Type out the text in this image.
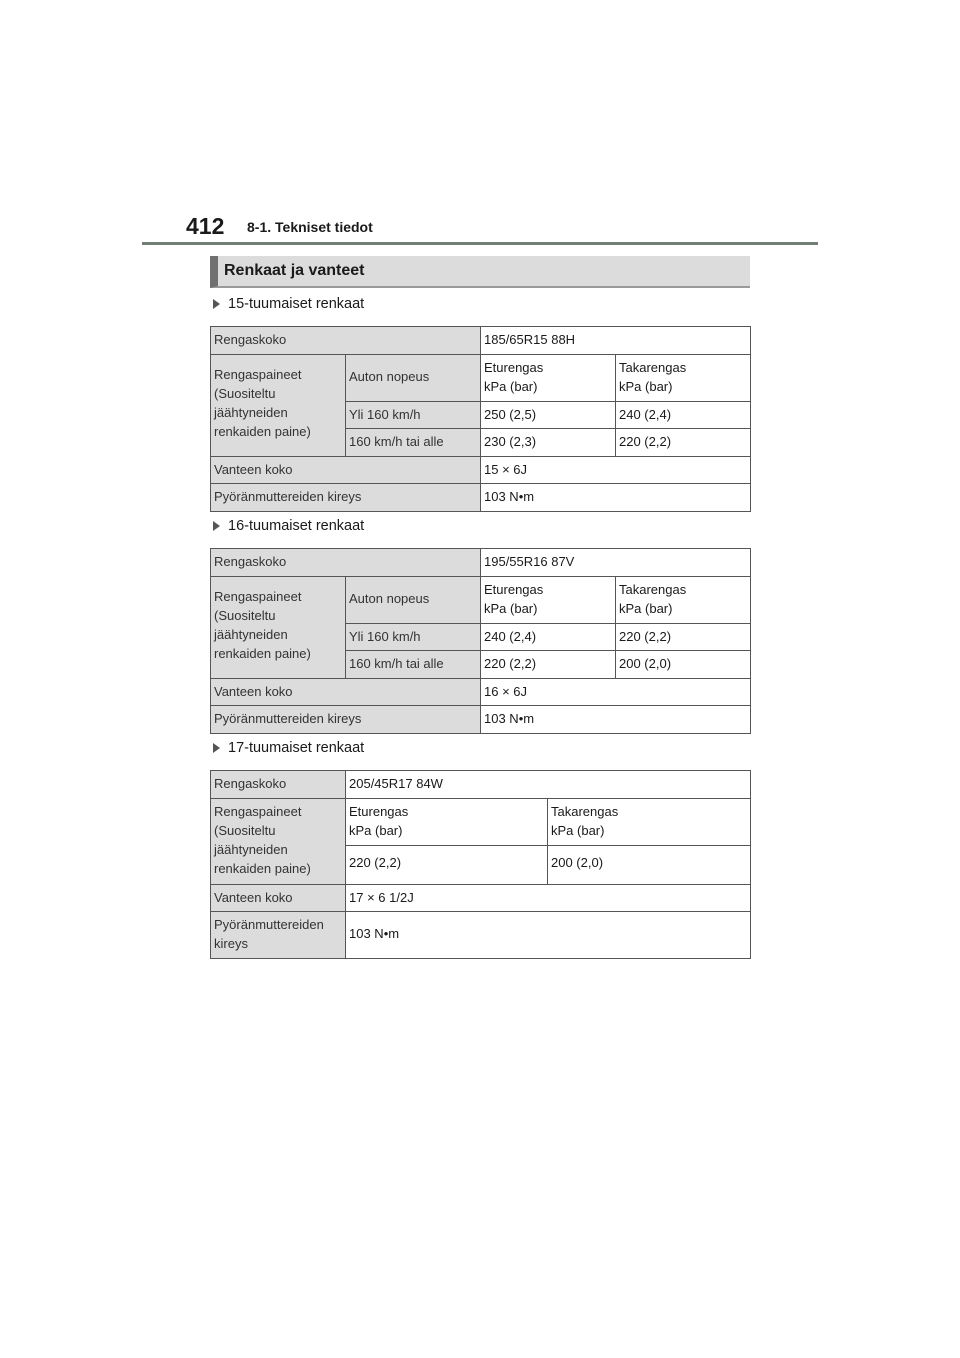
412 8-1. Tekniset tiedot
Renkaat ja vanteet
15-tuumaiset renkaat
Rengaskoko		185/65R15 88H	
Rengaspaineet
(Suositeltu
jäähtyneiden
renkaiden paine)	Auton nopeus	Eturengas
kPa (bar)	Takarengas
kPa (bar)
	Yli 160 km/h	250 (2,5)	240 (2,4)
	160 km/h tai alle	230 (2,3)	220 (2,2)
Vanteen koko		15 × 6J	
Pyöränmuttereiden kireys		103 N•m	
16-tuumaiset renkaat
Rengaskoko		195/55R16 87V	
Rengaspaineet
(Suositeltu
jäähtyneiden
renkaiden paine)	Auton nopeus	Eturengas
kPa (bar)	Takarengas
kPa (bar)
	Yli 160 km/h	240 (2,4)	220 (2,2)
	160 km/h tai alle	220 (2,2)	200 (2,0)
Vanteen koko		16 × 6J	
Pyöränmuttereiden kireys		103 N•m	
17-tuumaiset renkaat
Rengaskoko	205/45R17 84W	
Rengaspaineet
(Suositeltu
jäähtyneiden
renkaiden paine)	Eturengas
kPa (bar)	Takarengas
kPa (bar)
	220 (2,2)	200 (2,0)
Vanteen koko	17 × 6 1/2J	
Pyöränmuttereiden
kireys	103 N•m	
